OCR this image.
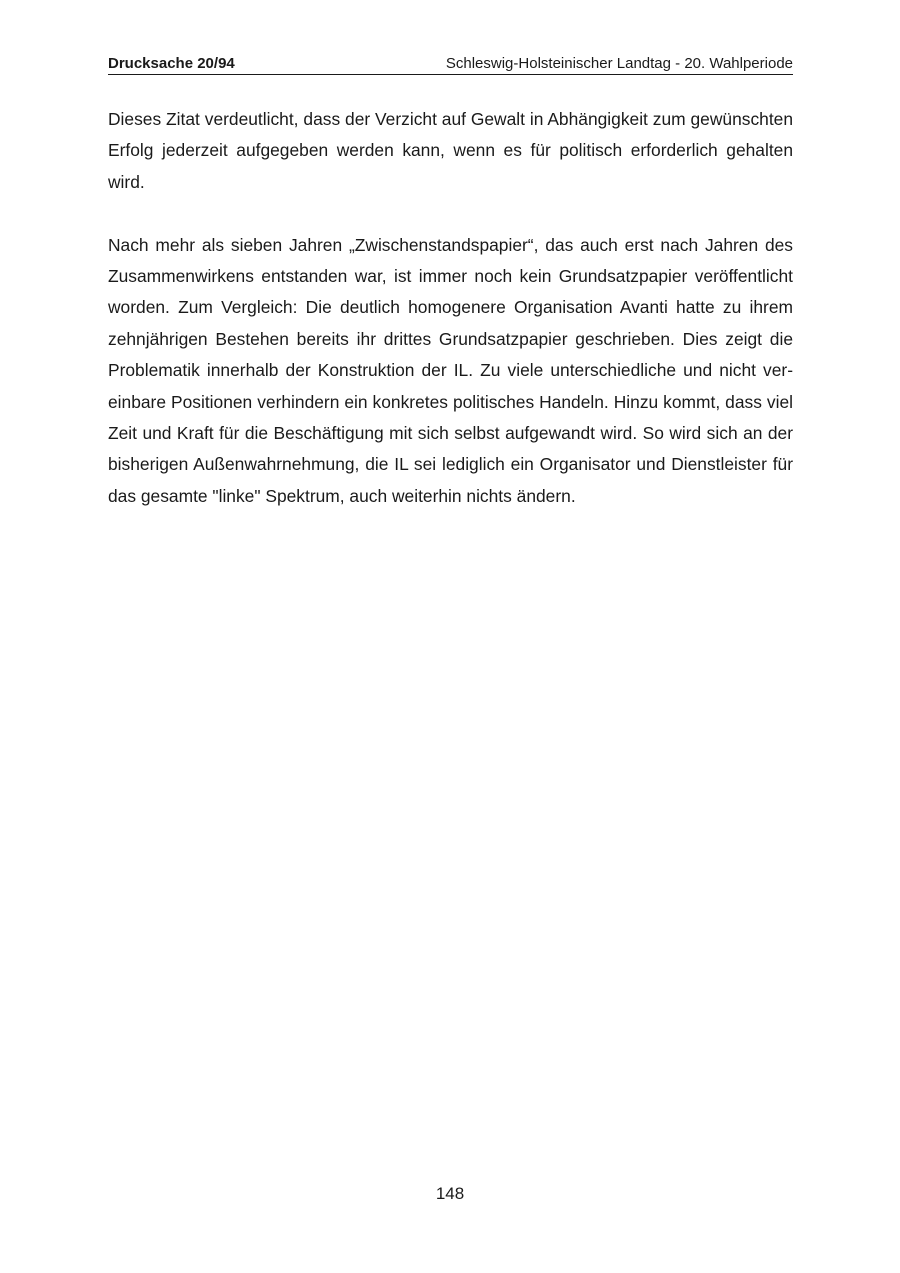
Drucksache 20/94	Schleswig-Holsteinischer Landtag - 20. Wahlperiode

Dieses Zitat verdeutlicht, dass der Verzicht auf Gewalt in Abhängigkeit zum gewünschten Erfolg jederzeit aufgegeben werden kann, wenn es für politisch erforderlich gehalten wird.

Nach mehr als sieben Jahren „Zwischenstandspapier“, das auch erst nach Jahren des Zusammenwirkens entstanden war, ist immer noch kein Grundsatzpapier veröffentlicht worden. Zum Vergleich: Die deutlich homogenere Organisation Avanti hatte zu ihrem zehnjährigen Bestehen bereits ihr drittes Grundsatzpapier geschrieben. Dies zeigt die Problematik innerhalb der Konstruktion der IL. Zu viele unterschiedliche und nicht vereinbare Positionen verhindern ein konkretes politisches Handeln. Hinzu kommt, dass viel Zeit und Kraft für die Beschäftigung mit sich selbst aufgewandt wird. So wird sich an der bisherigen Außenwahrnehmung, die IL sei lediglich ein Organisator und Dienstleister für das gesamte "linke" Spektrum, auch weiterhin nichts ändern.

148
